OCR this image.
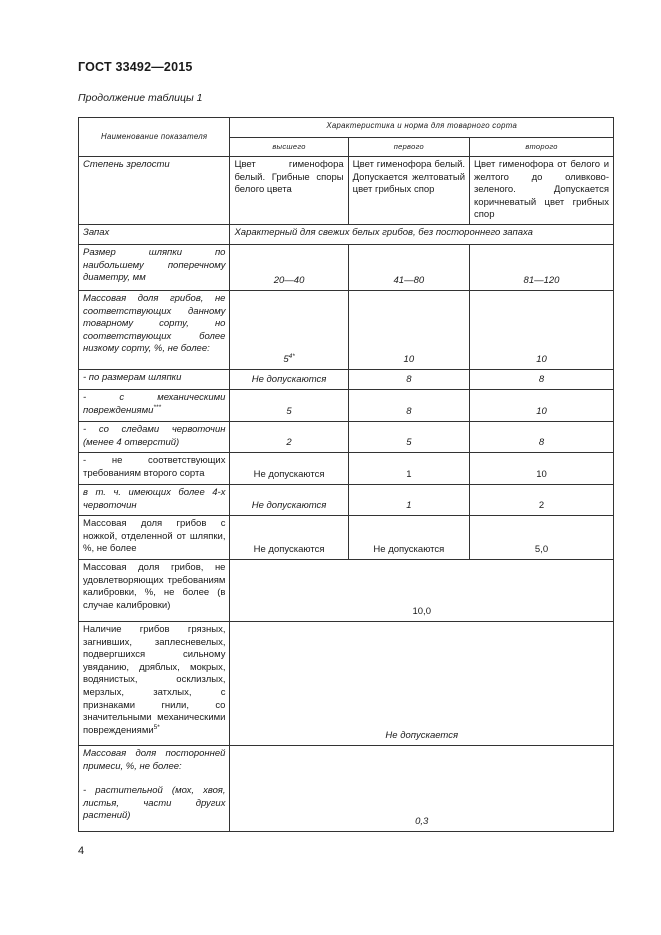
ГОСТ 33492—2015
Продолжение таблицы 1
Наименование показателя	Характеристика и норма для товарного сорта		
	высшего	первого	второго
Степень зрелости	Цвет гименофора белый. Грибные споры белого цвета	Цвет гименофора белый. Допускается желтоватый цвет грибных спор	Цвет гименофора от белого и желтого до оливково-зеленого. Допускается коричневатый цвет грибных спор
Запах	Характерный для свежих белых грибов, без постороннего запаха		
Размер шляпки по наибольшему поперечному диаметру, мм	20—40	41—80	81—120
Массовая доля грибов, не соответствующих данному товарному сорту, но соответствующих более низкому сорту, %, не более:	$5^{4*}$	10	10
- по размерам шляпки	Не допускаются	8	8
- с механическими повреждениями***	5	8	10
- со следами червоточин (менее 4 отверстий)	2	5	8
- не соответствующих требованиям второго сорта	Не допускаются	1	10
в т. ч. имеющих более 4-х червоточин	Не допускаются	1	2
Массовая доля грибов с ножкой, отделенной от шляпки, %, не более	Не допускаются	Не допускаются	5,0
Массовая доля грибов, не удовлетворяющих требованиям калибровки, %, не более (в случае калибровки)	10,0		
Наличие грибов грязных, загнивших, заплесневелых, подвергшихся сильному увяданию, дряблых, мокрых, водянистых, осклизлых, мерзлых, затхлых, с признаками гнили, со значительными механическими повреждениями$^{5*}$	Не допускается		

Массовая доля посторонней примеси, %, не более:
- растительной (мох, хвоя, листья, части других растений)	0,3		
4
